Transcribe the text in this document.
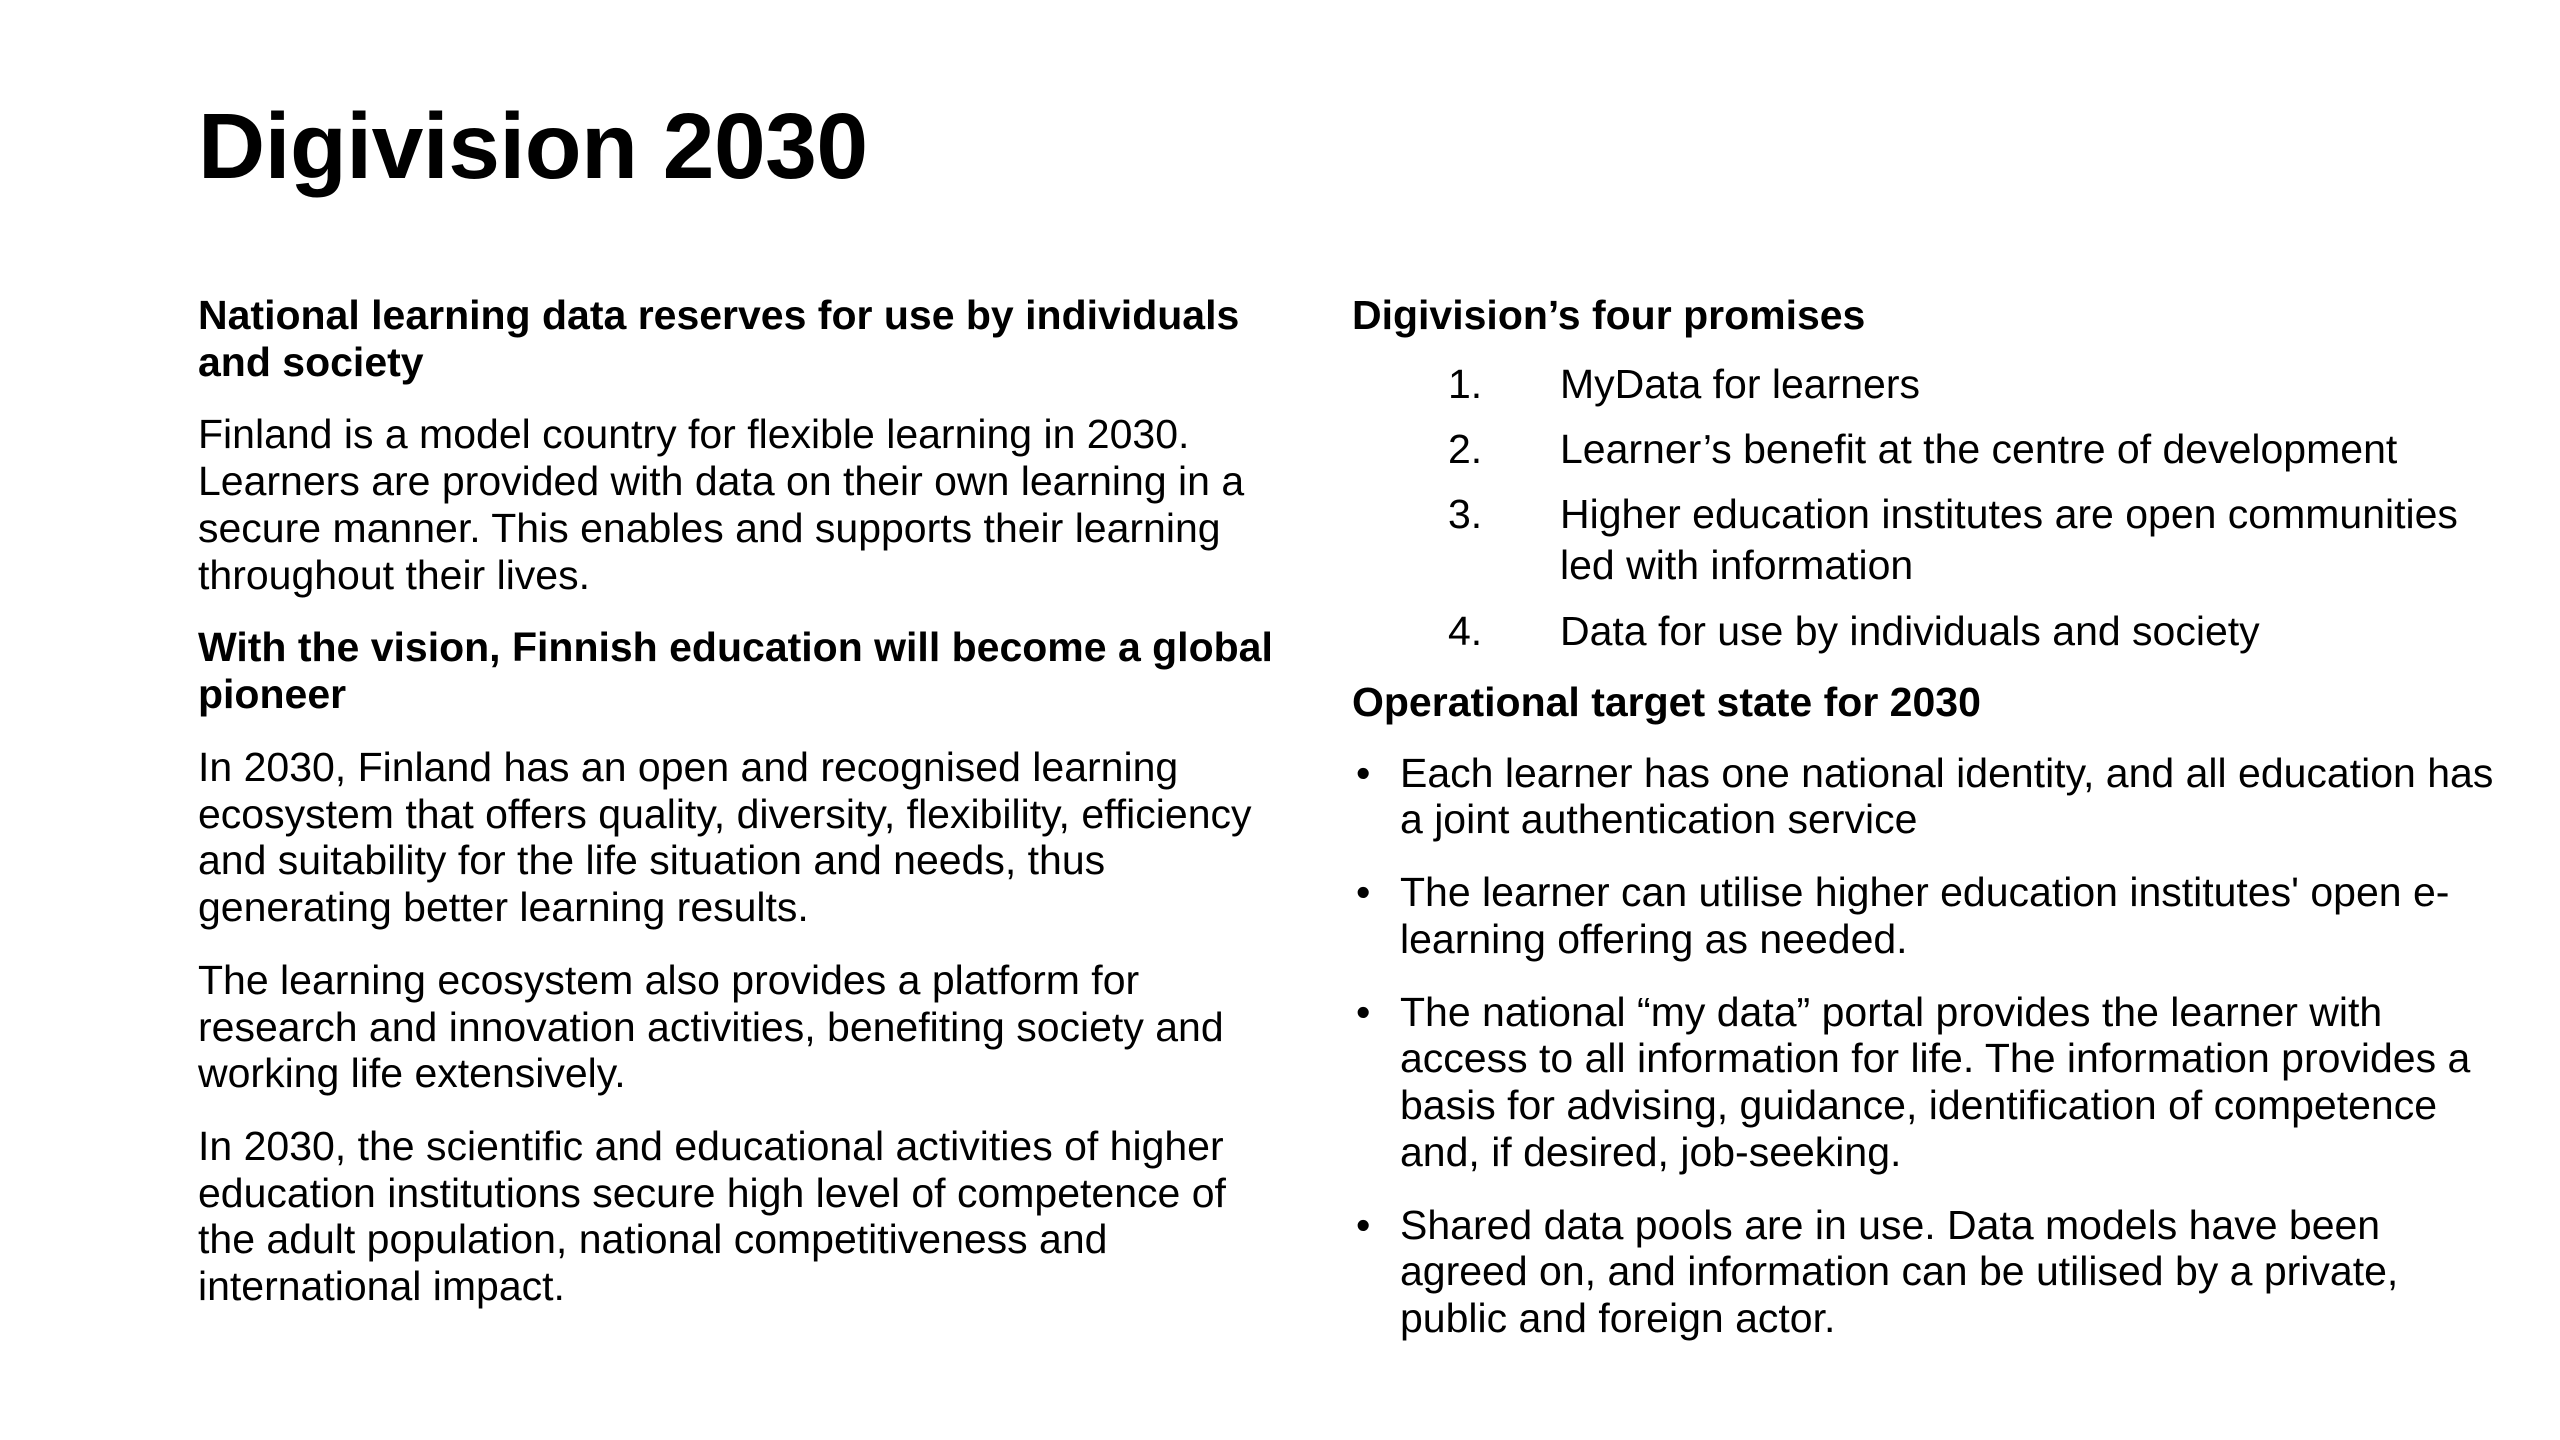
Digivision 2030

National learning data reserves for use by individuals and society

Finland is a model country for flexible learning in 2030. Learners are provided with data on their own learning in a secure manner. This enables and supports their learning throughout their lives.

With the vision, Finnish education will become a global pioneer

In 2030, Finland has an open and recognised learning ecosystem that offers quality, diversity, flexibility, efficiency and suitability for the life situation and needs, thus generating better learning results.

The learning ecosystem also provides a platform for research and innovation activities, benefiting society and working life extensively.

In 2030, the scientific and educational activities of higher education institutions secure high level of competence of the adult population, national competitiveness and international impact.

Digivision’s four promises

1.	MyData for learners
2.	Learner’s benefit at the centre of development
3.	Higher education institutes are open communities led with information
4.	Data for use by individuals and society

Operational target state for 2030

• Each learner has one national identity, and all education has a joint authentication service
• The learner can utilise higher education institutes' open e-learning offering as needed.
• The national “my data” portal provides the learner with access to all information for life. The information provides a basis for advising, guidance, identification of competence and, if desired, job-seeking.
• Shared data pools are in use. Data models have been agreed on, and information can be utilised by a private, public and foreign actor.
